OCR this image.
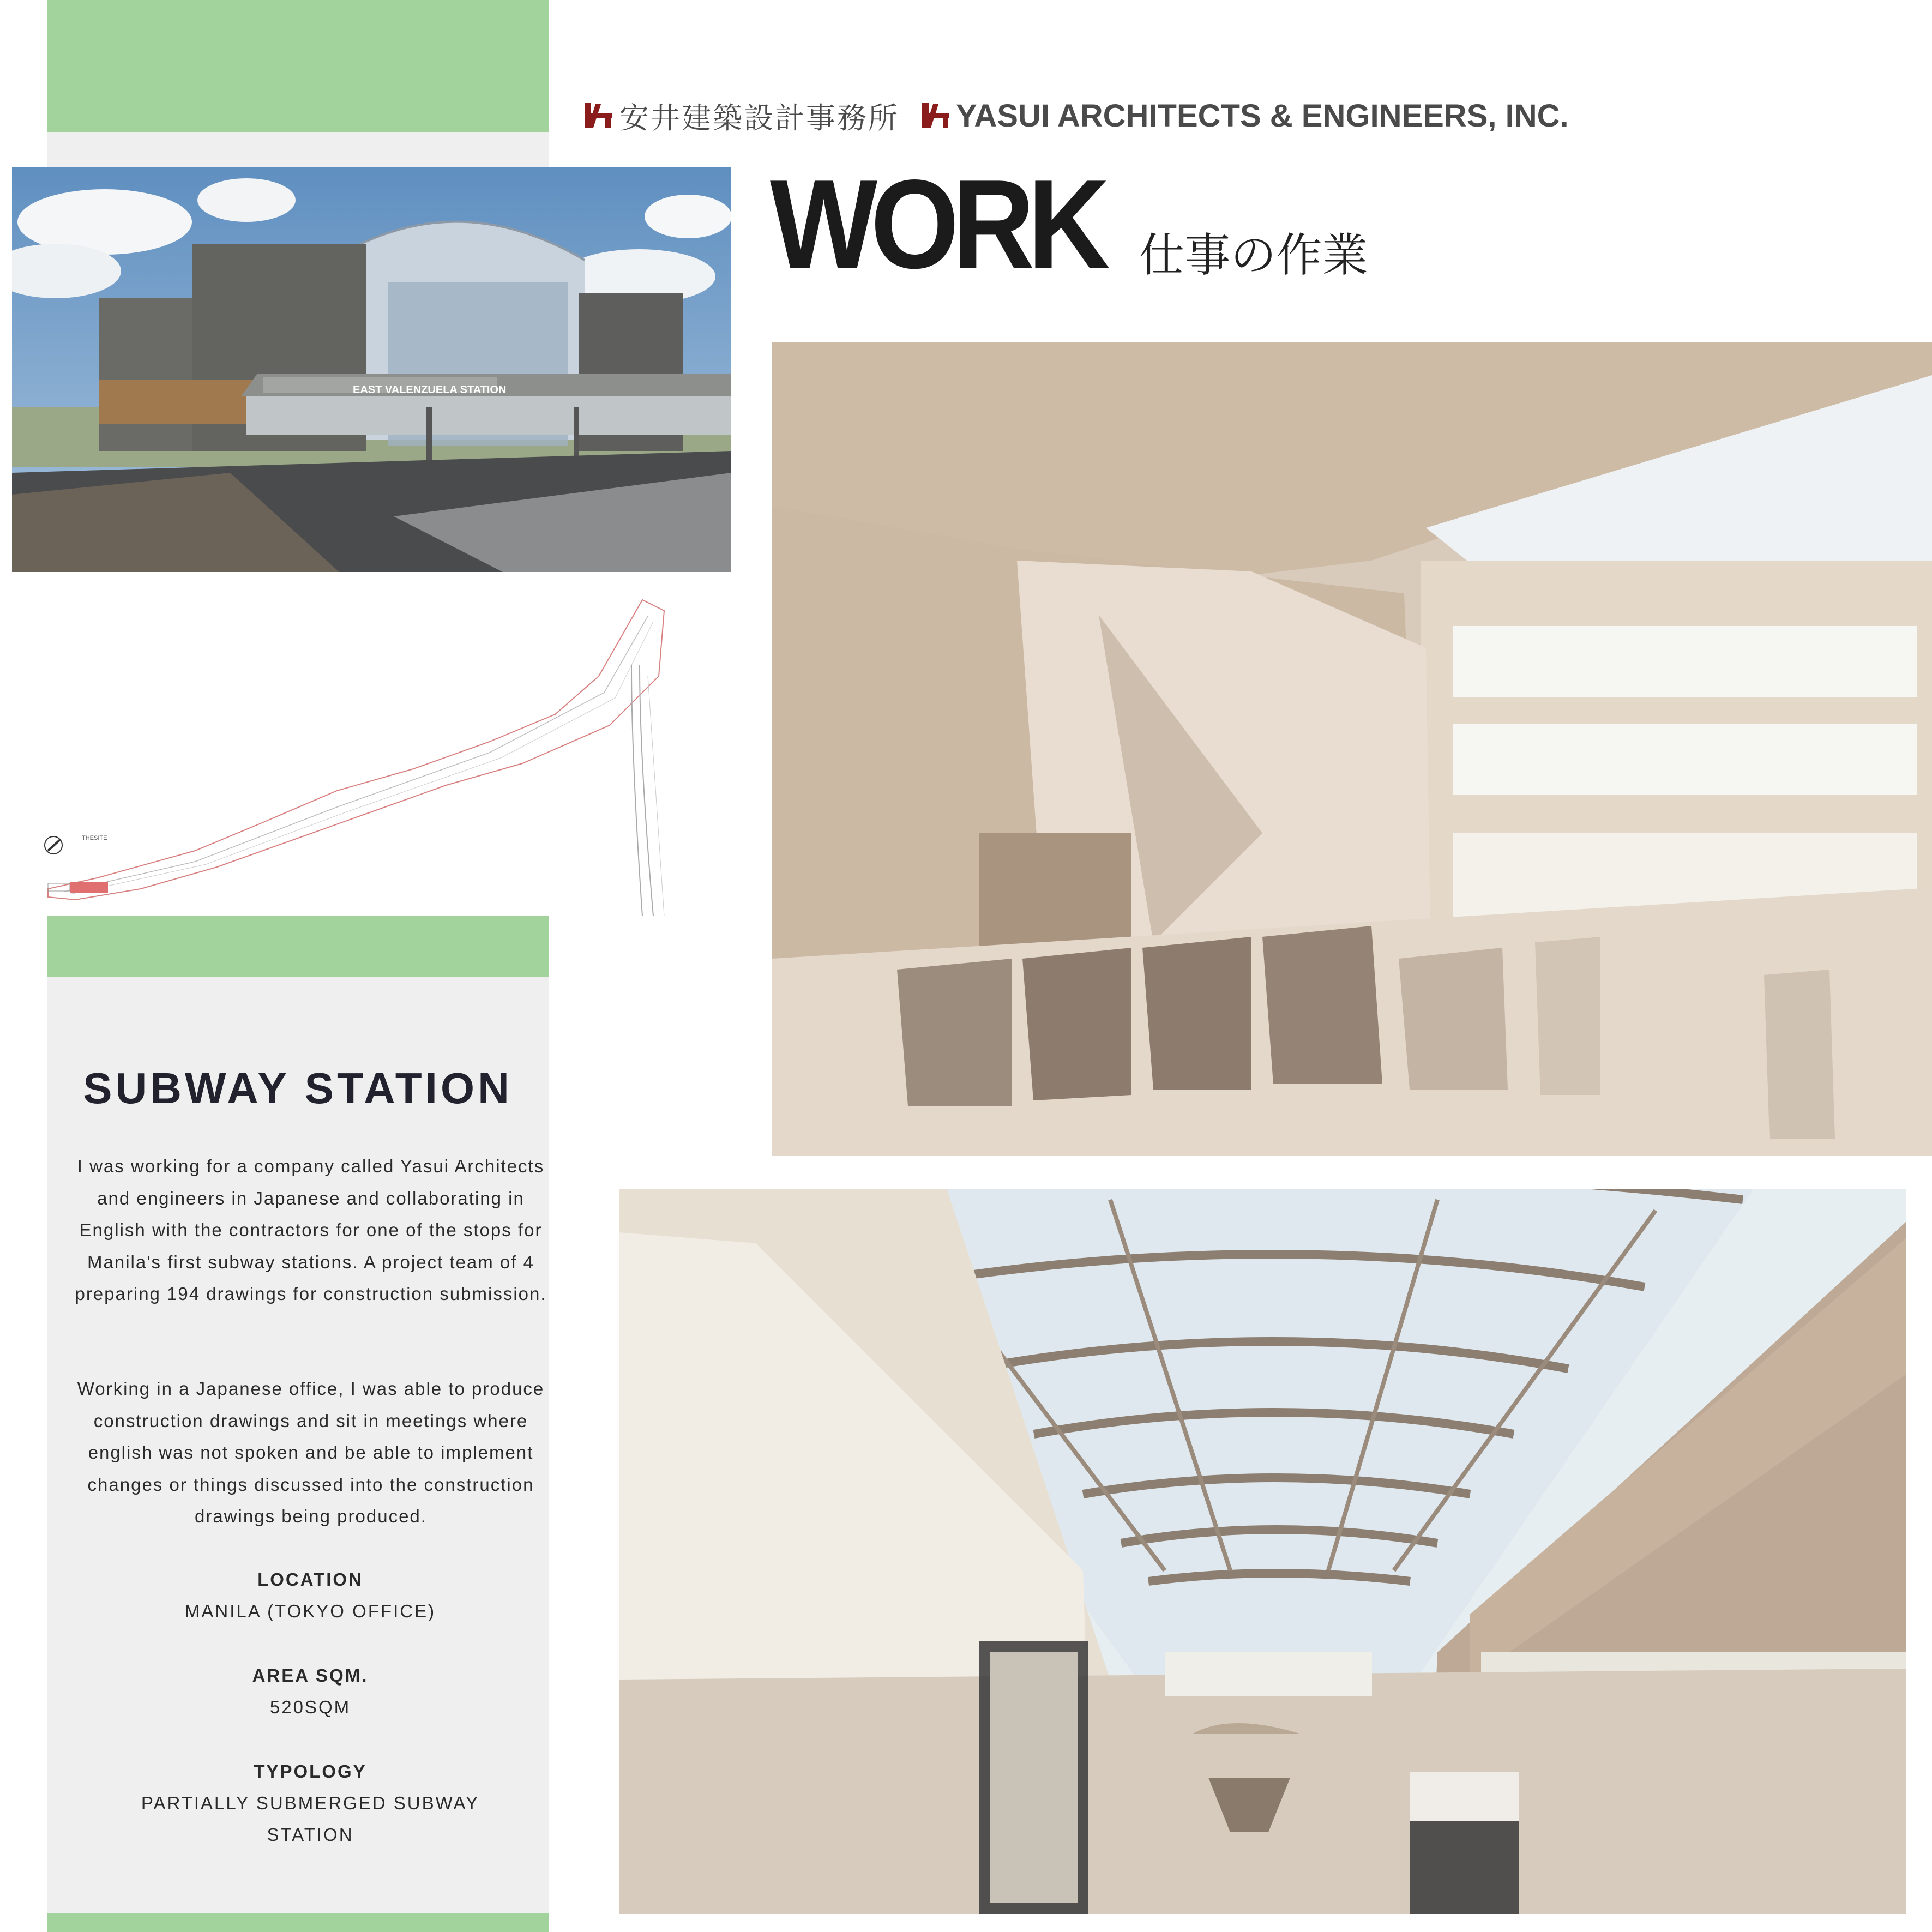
安井建築設計事務所 YASUI ARCHITECTS & ENGINEERS, INC.
WORK 仕事の作業
EAST VALENZUELA STATION
THESITE
SUBWAY STATION
I was working for a company called Yasui Architects and engineers in Japanese and collaborating in English with the contractors for one of the stops for Manila's first subway stations. A project team of 4 preparing 194 drawings for construction submission.
Working in a Japanese office, I was able to produce construction drawings and sit in meetings where english was not spoken and be able to implement changes or things discussed into the construction drawings being produced.
LOCATION
MANILA (TOKYO OFFICE)
AREA SQM.
520SQM
TYPOLOGY
PARTIALLY SUBMERGED SUBWAY STATION
